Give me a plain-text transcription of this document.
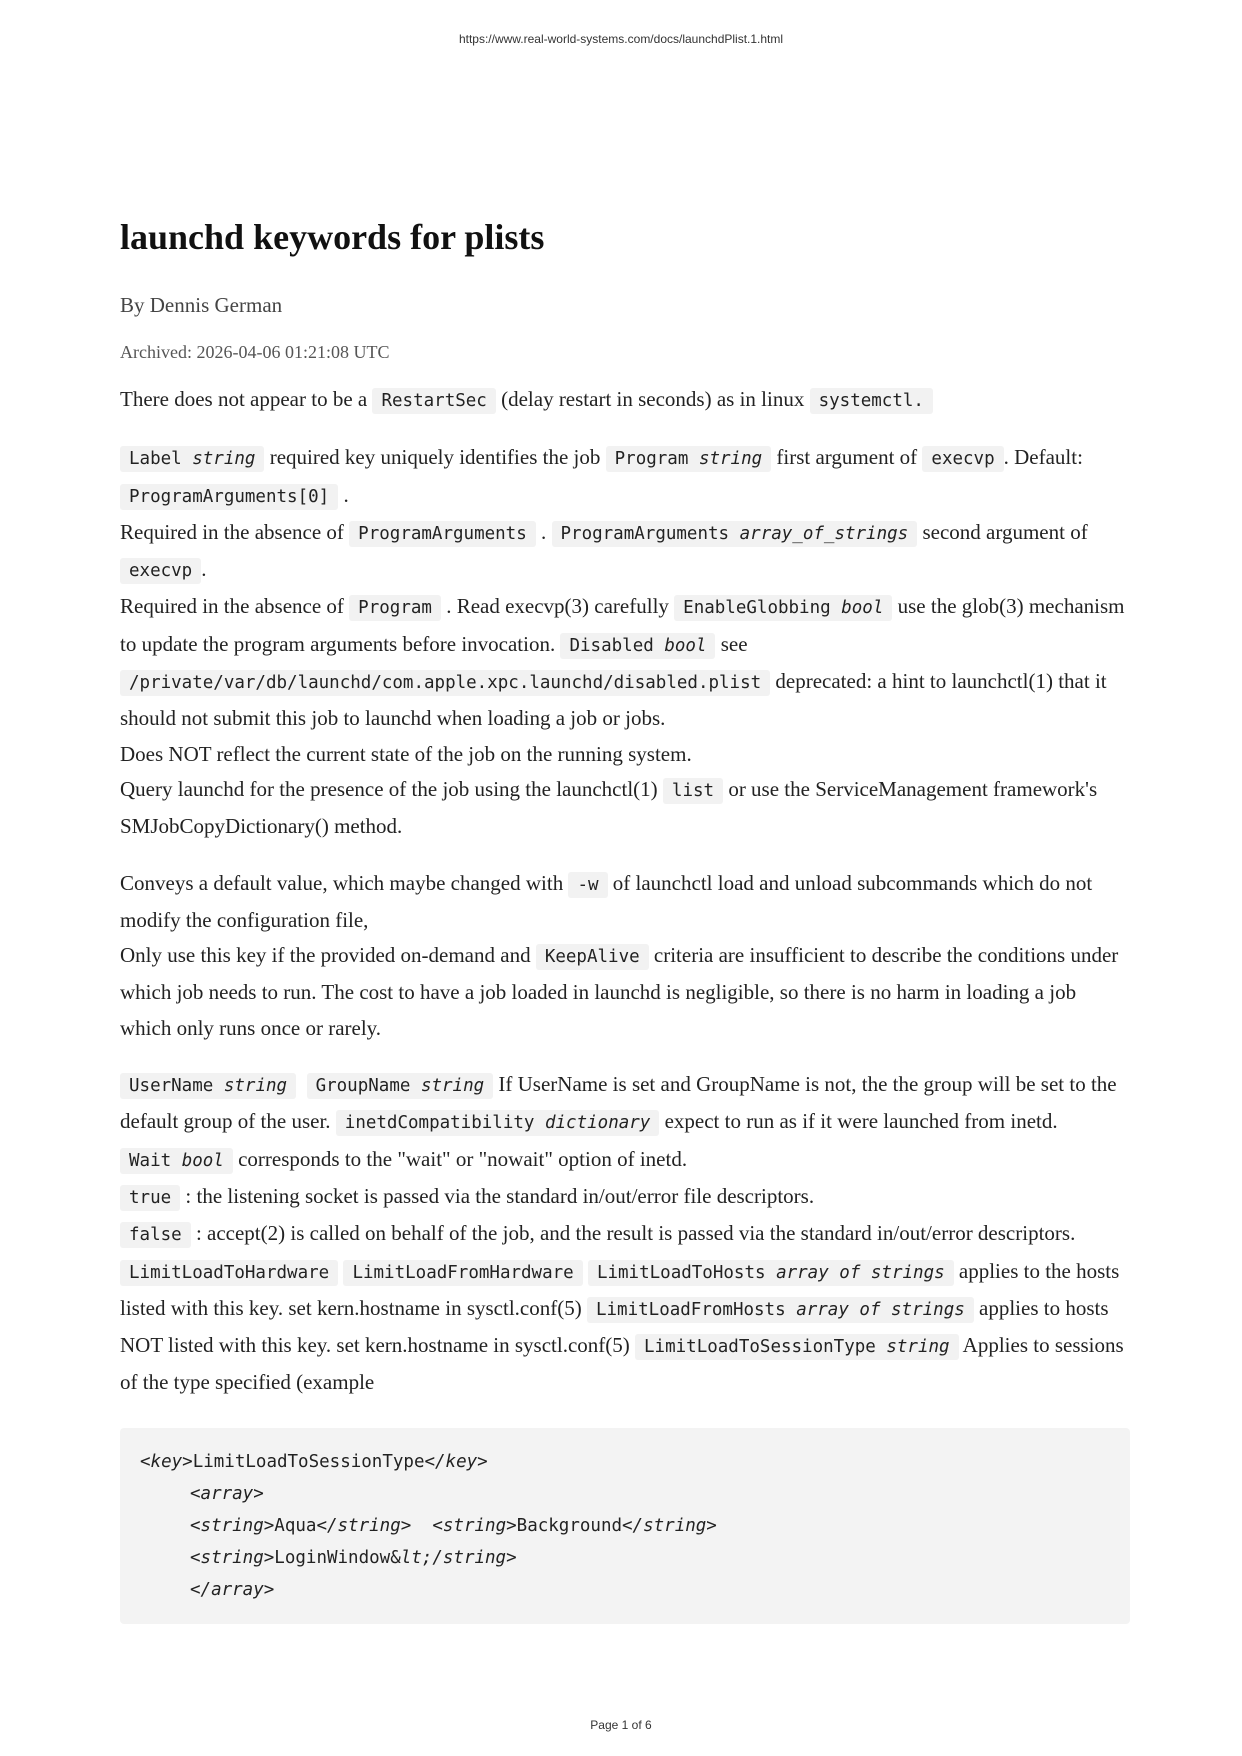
https://www.real-world-systems.com/docs/launchdPlist.1.html
launchd keywords for plists
By Dennis German
Archived: 2026-04-06 01:21:08 UTC

There does not appear to be a RestartSec (delay restart in seconds) as in linux systemctl.

Label string required key uniquely identifies the job Program string first argument of execvp . Default: ProgramArguments[0] .
Required in the absence of ProgramArguments . ProgramArguments array_of_strings second argument of execvp .
Required in the absence of Program . Read execvp(3) carefully EnableGlobbing bool use the glob(3) mechanism to update the program arguments before invocation. Disabled bool see /private/var/db/launchd/com.apple.xpc.launchd/disabled.plist deprecated: a hint to launchctl(1) that it should not submit this job to launchd when loading a job or jobs.
Does NOT reflect the current state of the job on the running system.
Query launchd for the presence of the job using the launchctl(1) list or use the ServiceManagement framework's SMJobCopyDictionary() method.

Conveys a default value, which maybe changed with -w of launchctl load and unload subcommands which do not modify the configuration file,
Only use this key if the provided on-demand and KeepAlive criteria are insufficient to describe the conditions under which job needs to run. The cost to have a job loaded in launchd is negligible, so there is no harm in loading a job which only runs once or rarely.

UserName string GroupName string If UserName is set and GroupName is not, the the group will be set to the default group of the user. inetdCompatibility dictionary expect to run as if it were launched from inetd.
Wait bool corresponds to the "wait" or "nowait" option of inetd.
true : the listening socket is passed via the standard in/out/error file descriptors.
false : accept(2) is called on behalf of the job, and the result is passed via the standard in/out/error descriptors.
LimitLoadToHardware LimitLoadFromHardware LimitLoadToHosts array of strings applies to the hosts listed with this key. set kern.hostname in sysctl.conf(5) LimitLoadFromHosts array of strings applies to hosts NOT listed with this key. set kern.hostname in sysctl.conf(5) LimitLoadToSessionType string Applies to sessions of the type specified (example

<key>LimitLoadToSessionType</key>
<array>
<string>Aqua</string> <string>Background</string>
<string>LoginWindow&lt;/string>
</array>
Page 1 of 6
